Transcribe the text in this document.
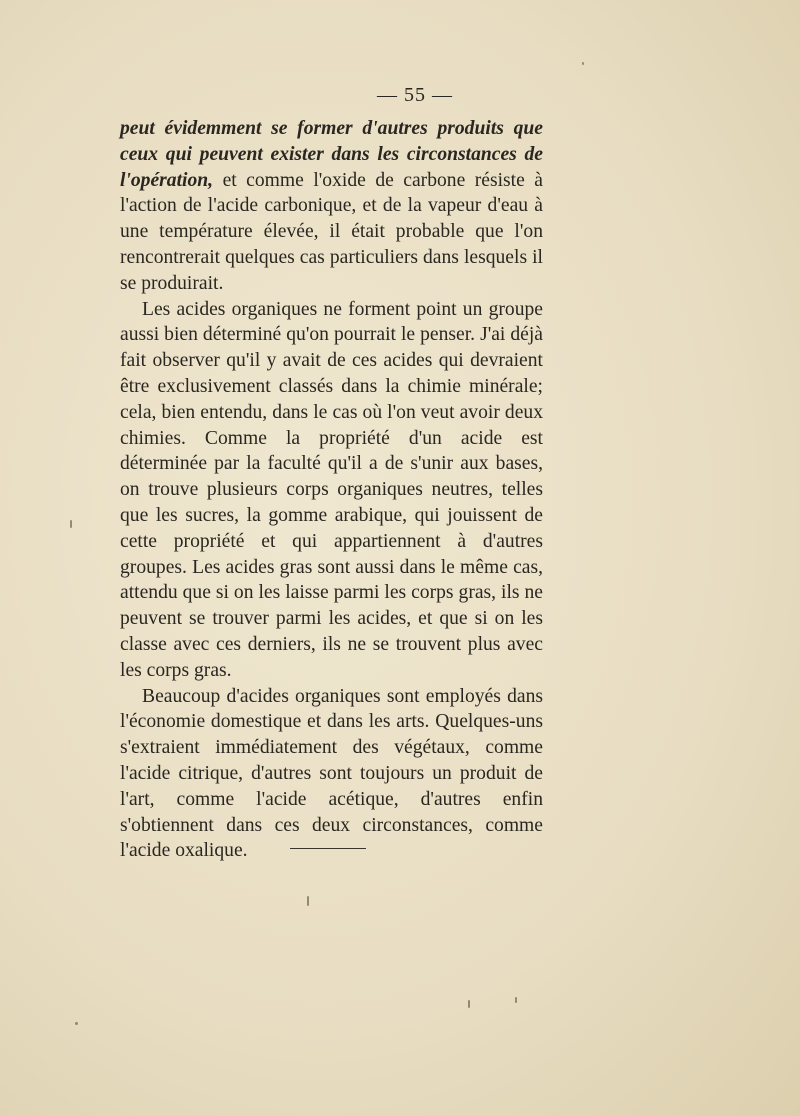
— 55 —

peut évidemment se former d'autres produits que ceux qui peuvent exister dans les circonstances de l'opération, et comme l'oxide de carbone résiste à l'action de l'acide carbonique, et de la vapeur d'eau à une température élevée, il était probable que l'on rencontrerait quelques cas particuliers dans lesquels il se produirait.

Les acides organiques ne forment point un groupe aussi bien déterminé qu'on pourrait le penser. J'ai déjà fait observer qu'il y avait de ces acides qui devraient être exclusivement classés dans la chimie minérale; cela, bien entendu, dans le cas où l'on veut avoir deux chimies. Comme la propriété d'un acide est déterminée par la faculté qu'il a de s'unir aux bases, on trouve plusieurs corps organiques neutres, telles que les sucres, la gomme arabique, qui jouissent de cette propriété et qui appartiennent à d'autres groupes. Les acides gras sont aussi dans le même cas, attendu que si on les laisse parmi les corps gras, ils ne peuvent se trouver parmi les acides, et que si on les classe avec ces derniers, ils ne se trouvent plus avec les corps gras.

Beaucoup d'acides organiques sont employés dans l'économie domestique et dans les arts. Quelques-uns s'extraient immédiatement des végétaux, comme l'acide citrique, d'autres sont toujours un produit de l'art, comme l'acide acétique, d'autres enfin s'obtiennent dans ces deux circonstances, comme l'acide oxalique.
